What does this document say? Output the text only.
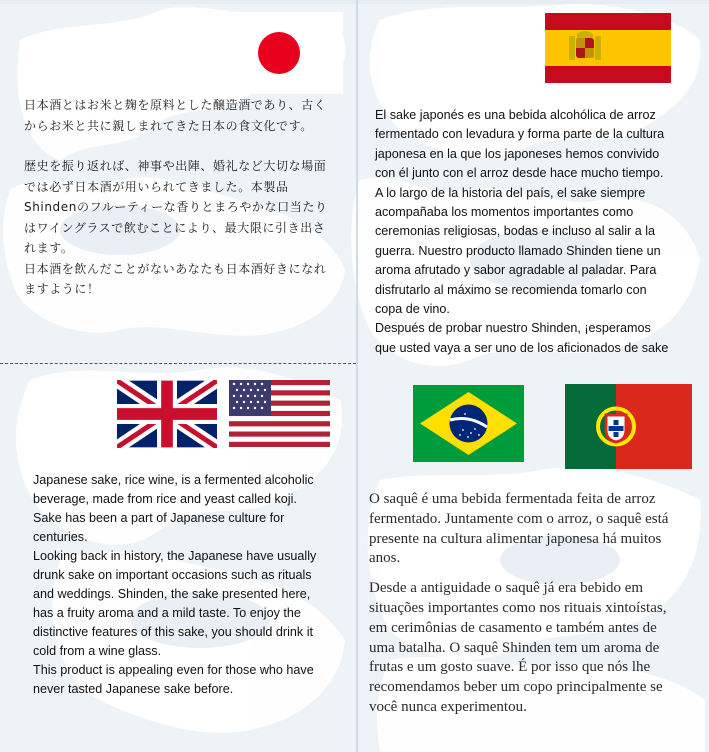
日本酒とはお米と麹を原料とした醸造酒であり、古く

からお米と共に親しまれてきた日本の食文化です。

歴史を振り返れば、神事や出陣、婚礼など大切な場面

では必ず日本酒が用いられてきました。本製品

Shindenのフルーティーな香りとまろやかな口当たり

はワイングラスで飲むことにより、最大限に引き出さ

れます。

日本酒を飲んだことがないあなたも日本酒好きになれ

ますように！

El sake japonés es una bebida alcohólica de arroz

fermentado con levadura y forma parte de la cultura

japonesa en la que los japoneses hemos convivido

con él junto con el arroz desde hace mucho tiempo.

A lo largo de la historia del país, el sake siempre

acompañaba los momentos importantes como

ceremonias religiosas, bodas e incluso al salir a la

guerra. Nuestro producto llamado Shinden tiene un

aroma afrutado y sabor agradable al paladar. Para

disfrutarlo al máximo se recomienda tomarlo con

copa de vino.

Después de probar nuestro Shinden, ¡esperamos

que usted vaya a ser uno de los aficionados de sake

Japanese sake, rice wine, is a fermented alcoholic

beverage, made from rice and yeast called koji.

Sake has been a part of Japanese culture for

centuries.

Looking back in history, the Japanese have usually

drunk sake on important occasions such as rituals

and weddings. Shinden, the sake presented here,

has a fruity aroma and a mild taste. To enjoy the

distinctive features of this sake, you should drink it

cold from a wine glass.

This product is appealing even for those who have

never tasted Japanese sake before.

O saquê é uma bebida fermentada feita de arroz

fermentado. Juntamente com o arroz, o saquê está

presente na cultura alimentar japonesa há muitos

anos.

Desde a antiguidade o saquê já era bebido em

situações importantes como nos rituais xintoístas,

em cerimônias de casamento e também antes de

uma batalha. O saquê Shinden tem um aroma de

frutas e um gosto suave. É por isso que nós lhe

recomendamos beber um copo principalmente se

você nunca experimentou.
